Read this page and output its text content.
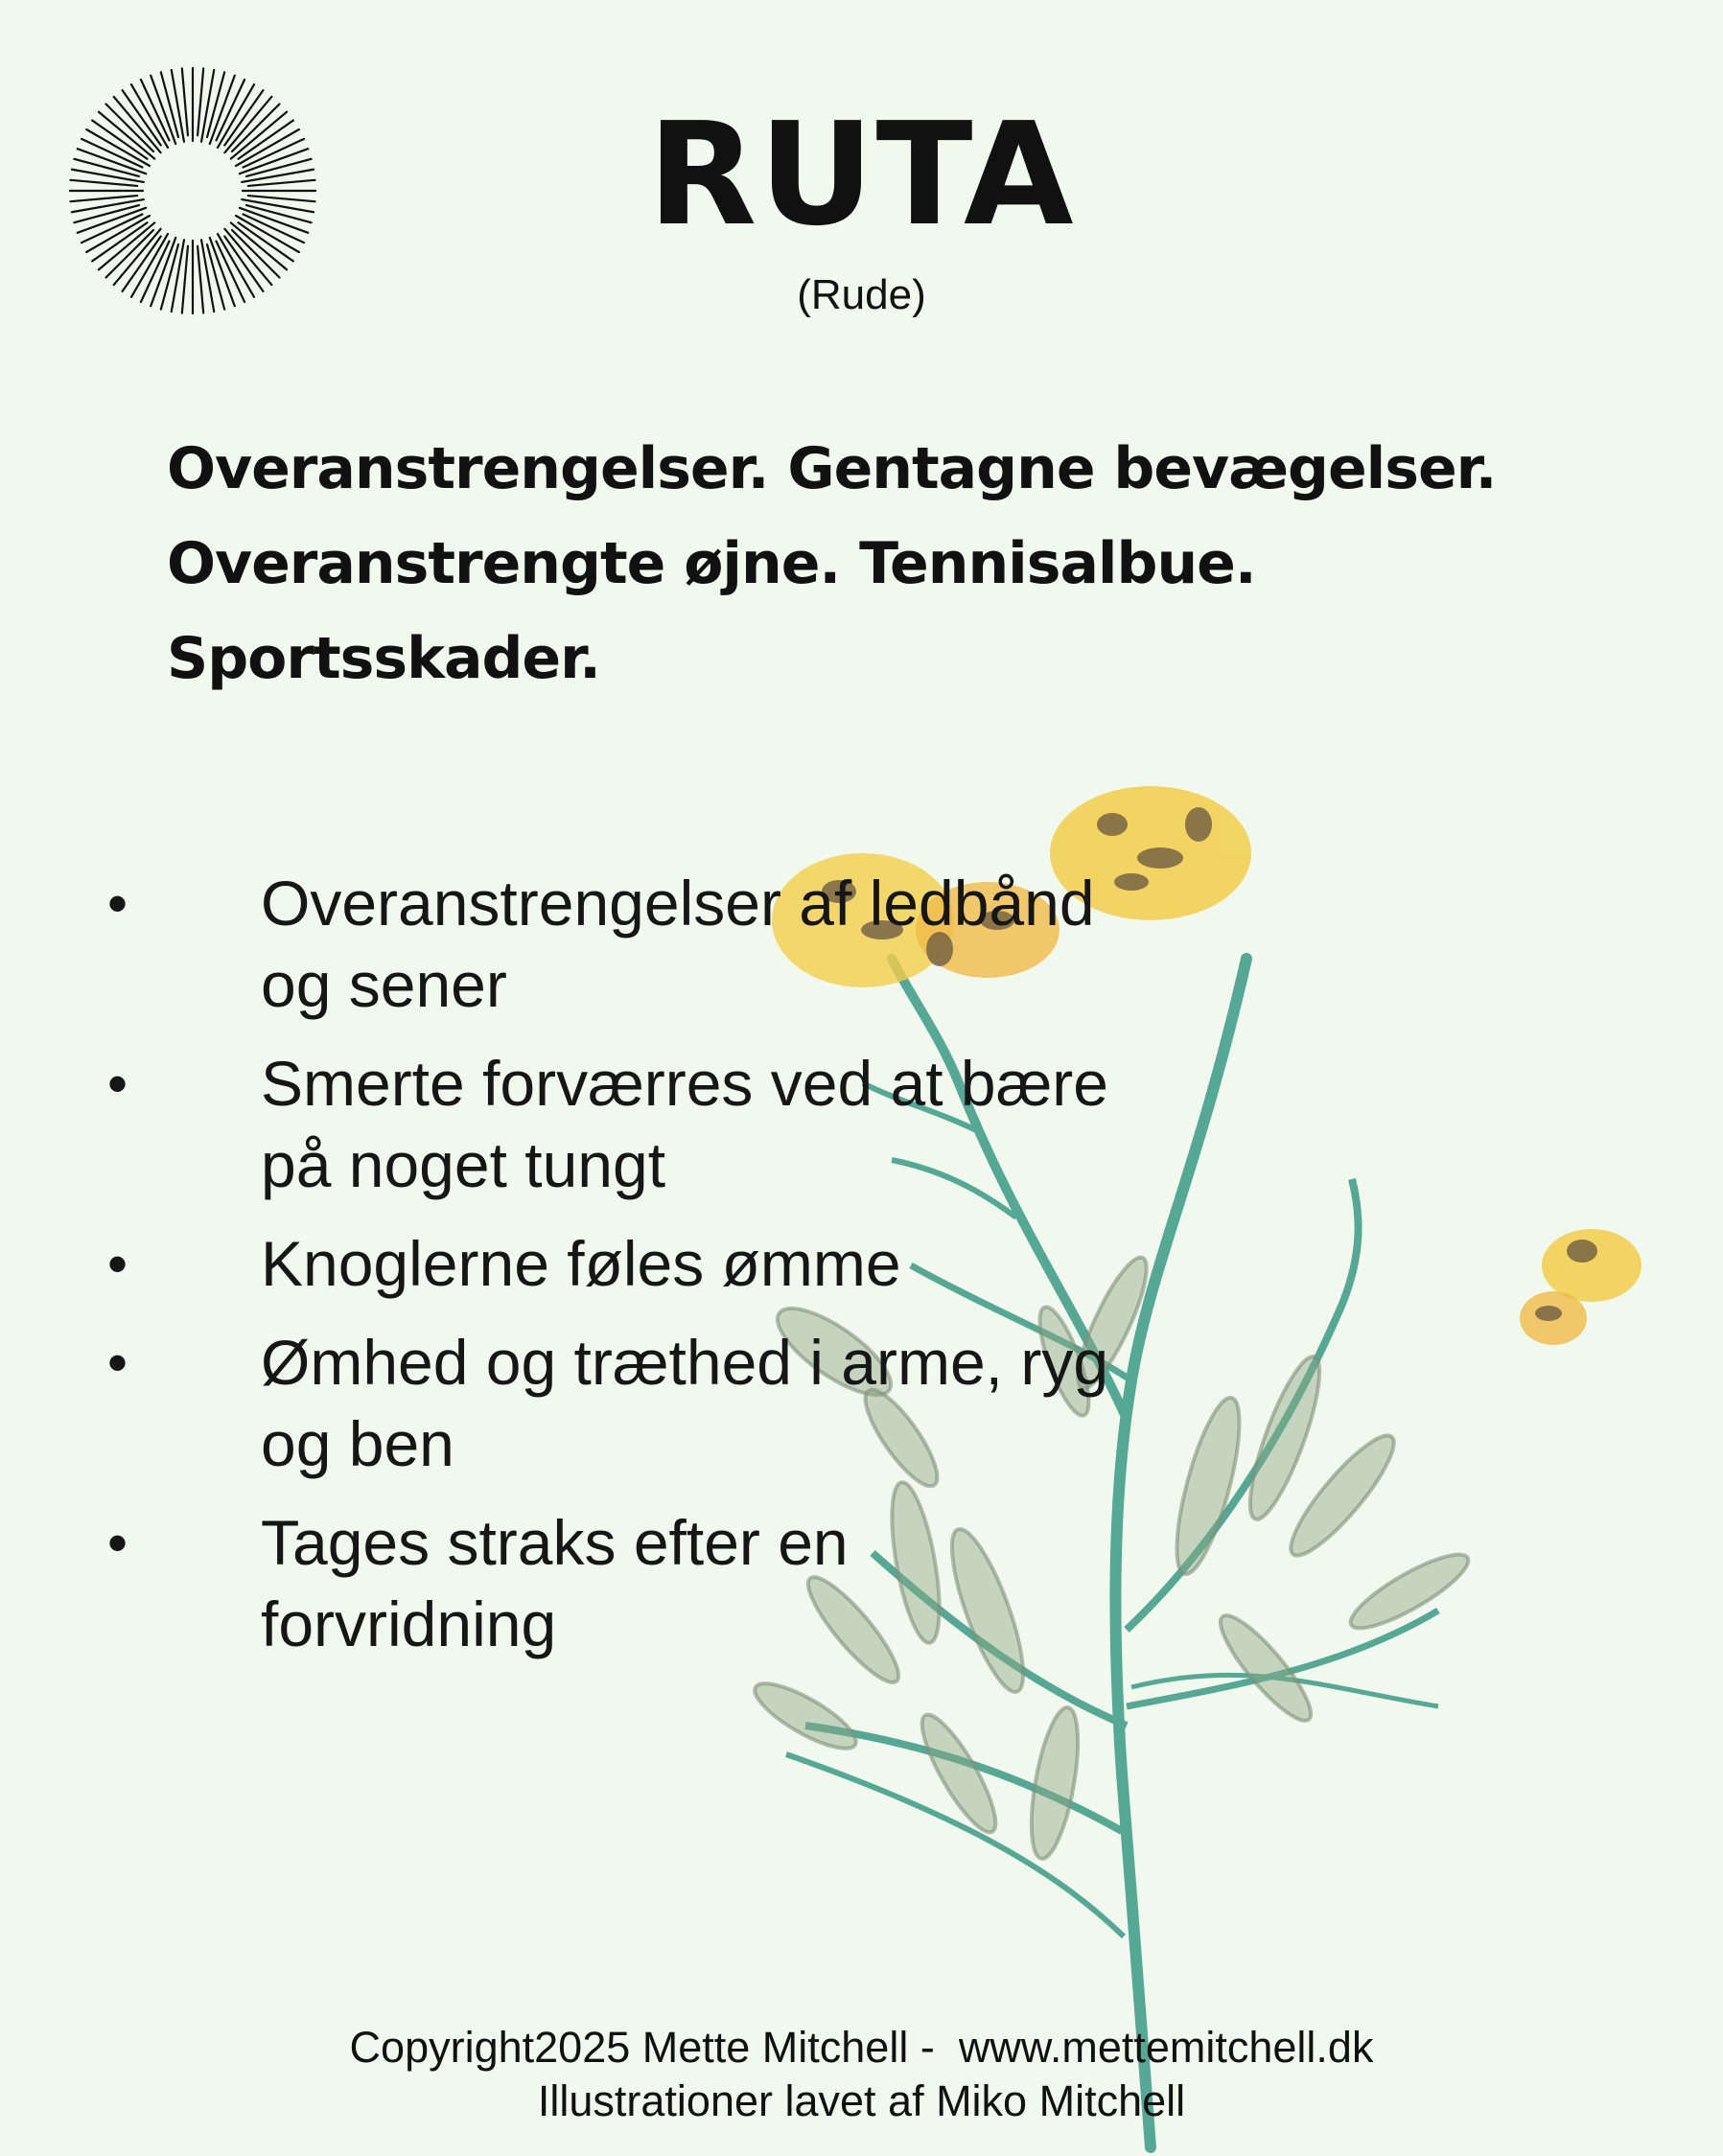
RUTA
(Rude)
Overanstrengelser. Gentagne bevægelser. Overanstrengte øjne. Tennisalbue. Sportsskader.
• Overanstrengelser af ledbånd og sener
• Smerte forværres ved at bære på noget tungt
• Knoglerne føles ømme
• Ømhed og træthed i arme, ryg og ben
• Tages straks efter en forvridning
Copyright2025 Mette Mitchell -  www.mettemitchell.dk
Illustrationer lavet af Miko Mitchell
